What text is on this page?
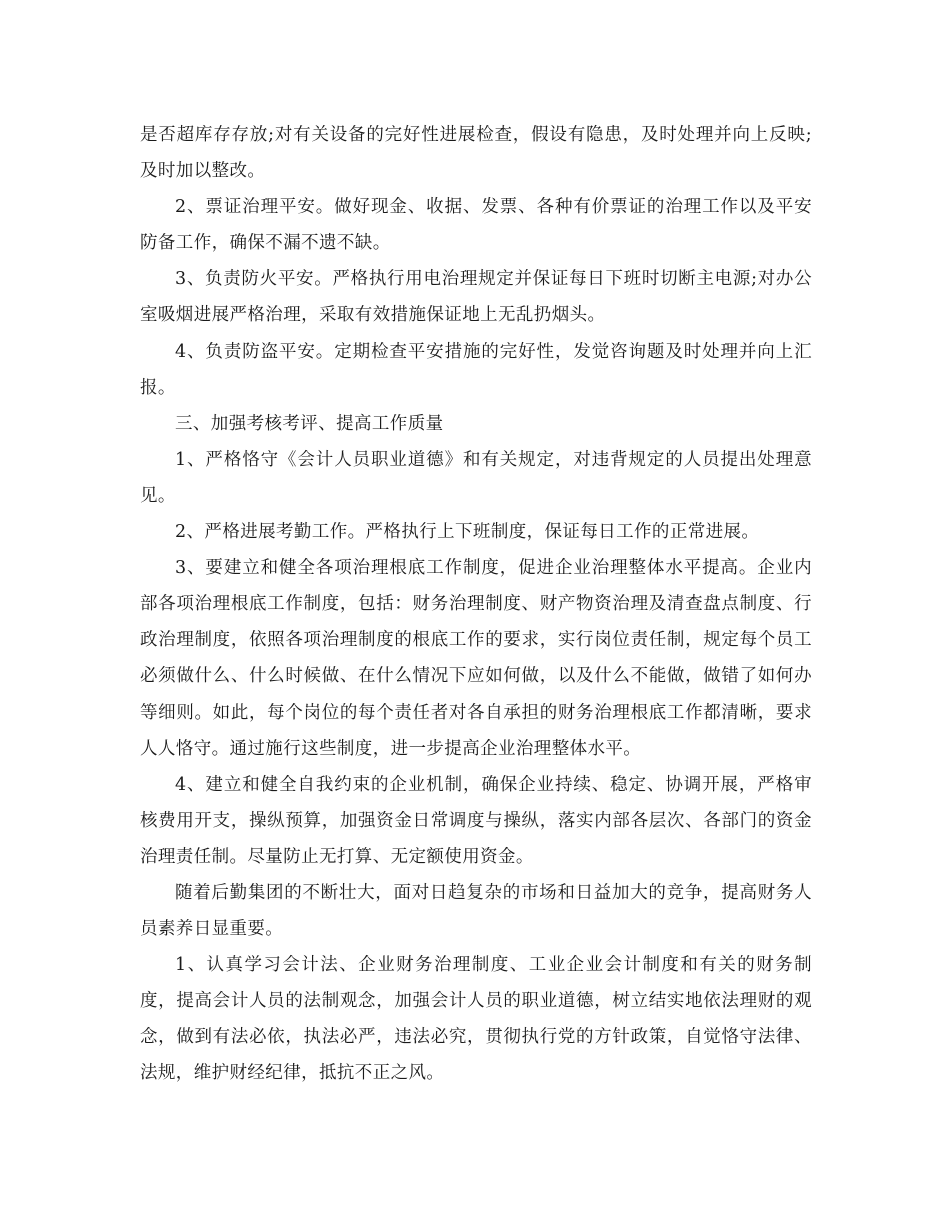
是否超库存存放;对有关设备的完好性进展检查，假设有隐患，及时处理并向上反映;及时加以整改。

2、票证治理平安。做好现金、收据、发票、各种有价票证的治理工作以及平安防备工作，确保不漏不遗不缺。

3、负责防火平安。严格执行用电治理规定并保证每日下班时切断主电源;对办公室吸烟进展严格治理，采取有效措施保证地上无乱扔烟头。

4、负责防盗平安。定期检查平安措施的完好性，发觉咨询题及时处理并向上汇报。

三、加强考核考评、提高工作质量

1、严格恪守《会计人员职业道德》和有关规定，对违背规定的人员提出处理意见。

2、严格进展考勤工作。严格执行上下班制度，保证每日工作的正常进展。

3、要建立和健全各项治理根底工作制度，促进企业治理整体水平提高。企业内部各项治理根底工作制度，包括：财务治理制度、财产物资治理及清查盘点制度、行政治理制度，依照各项治理制度的根底工作的要求，实行岗位责任制，规定每个员工必须做什么、什么时候做、在什么情况下应如何做，以及什么不能做，做错了如何办等细则。如此，每个岗位的每个责任者对各自承担的财务治理根底工作都清晰，要求人人恪守。通过施行这些制度，进一步提高企业治理整体水平。

4、建立和健全自我约束的企业机制，确保企业持续、稳定、协调开展，严格审核费用开支，操纵预算，加强资金日常调度与操纵，落实内部各层次、各部门的资金治理责任制。尽量防止无打算、无定额使用资金。

随着后勤集团的不断壮大，面对日趋复杂的市场和日益加大的竞争，提高财务人员素养日显重要。

1、认真学习会计法、企业财务治理制度、工业企业会计制度和有关的财务制度，提高会计人员的法制观念，加强会计人员的职业道德，树立结实地依法理财的观念，做到有法必依，执法必严，违法必究，贯彻执行党的方针政策，自觉恪守法律、法规，维护财经纪律，抵抗不正之风。
